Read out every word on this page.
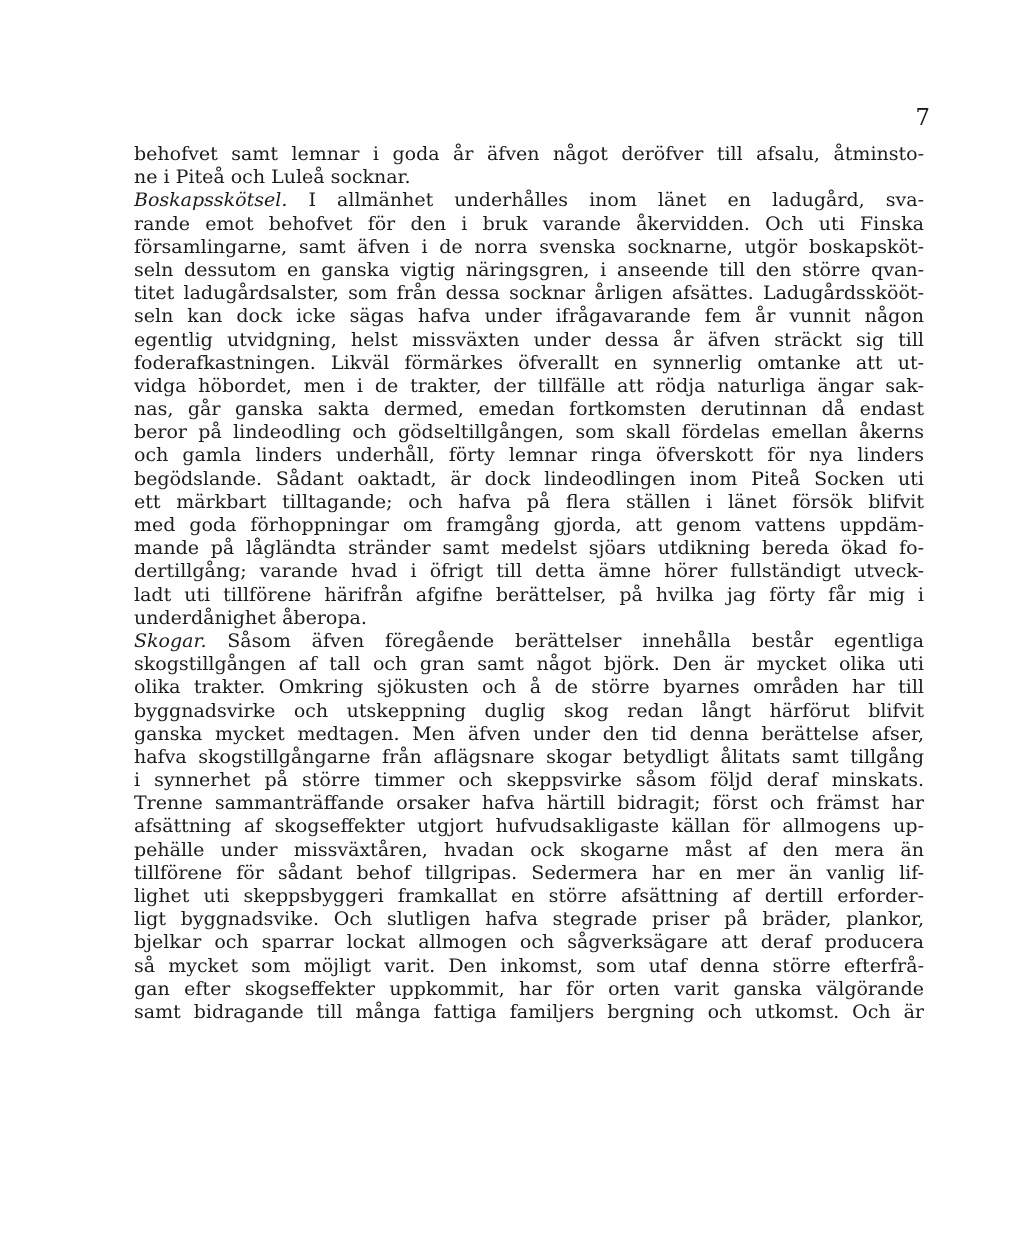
7
behofvet samt lemnar i goda år äfven något deröfver till afsalu, åtminsto-
ne i Piteå och Luleå socknar.
Boskapsskötsel. I allmänhet underhålles inom länet en ladugård, sva-
rande emot behofvet för den i bruk varande åkervidden. Och uti Finska
församlingarne, samt äfven i de norra svenska socknarne, utgör boskapsköt-
seln dessutom en ganska vigtig näringsgren, i anseende till den större qvan-
titet ladugårdsalster, som från dessa socknar årligen afsättes. Ladugårdsskööt-
seln kan dock icke sägas hafva under ifrågavarande fem år vunnit någon
egentlig utvidgning, helst missväxten under dessa år äfven sträckt sig till
foderafkastningen. Likväl förmärkes öfverallt en synnerlig omtanke att ut-
vidga höbordet, men i de trakter, der tillfälle att rödja naturliga ängar sak-
nas, går ganska sakta dermed, emedan fortkomsten derutinnan då endast
beror på lindeodling och gödseltillgången, som skall fördelas emellan åkerns
och gamla linders underhåll, förty lemnar ringa öfverskott för nya linders
begödslande. Sådant oaktadt, är dock lindeodlingen inom Piteå Socken uti
ett märkbart tilltagande; och hafva på flera ställen i länet försök blifvit
med goda förhoppningar om framgång gjorda, att genom vattens uppdäm-
mande på lågländta stränder samt medelst sjöars utdikning bereda ökad fo-
dertillgång; varande hvad i öfrigt till detta ämne hörer fullständigt utveck-
ladt uti tillförene härifrån afgifne berättelser, på hvilka jag förty får mig i
underdånighet åberopa.
Skogar. Såsom äfven föregående berättelser innehålla består egentliga
skogstillgången af tall och gran samt något björk. Den är mycket olika uti
olika trakter. Omkring sjökusten och å de större byarnes områden har till
byggnadsvirke och utskeppning duglig skog redan långt härförut blifvit
ganska mycket medtagen. Men äfven under den tid denna berättelse afser,
hafva skogstillgångarne från aflägsnare skogar betydligt ålitats samt tillgång
i synnerhet på större timmer och skeppsvirke såsom följd deraf minskats.
Trenne sammanträffande orsaker hafva härtill bidragit; först och främst har
afsättning af skogseffekter utgjort hufvudsakligaste källan för allmogens up-
pehälle under missväxtåren, hvadan ock skogarne måst af den mera än
tillförene för sådant behof tillgripas. Sedermera har en mer än vanlig lif-
lighet uti skeppsbyggeri framkallat en större afsättning af dertill erforder-
ligt byggnadsvike. Och slutligen hafva stegrade priser på bräder, plankor,
bjelkar och sparrar lockat allmogen och sågverksägare att deraf producera
så mycket som möjligt varit. Den inkomst, som utaf denna större efterfrå-
gan efter skogseffekter uppkommit, har för orten varit ganska välgörande
samt bidragande till många fattiga familjers bergning och utkomst. Och är
